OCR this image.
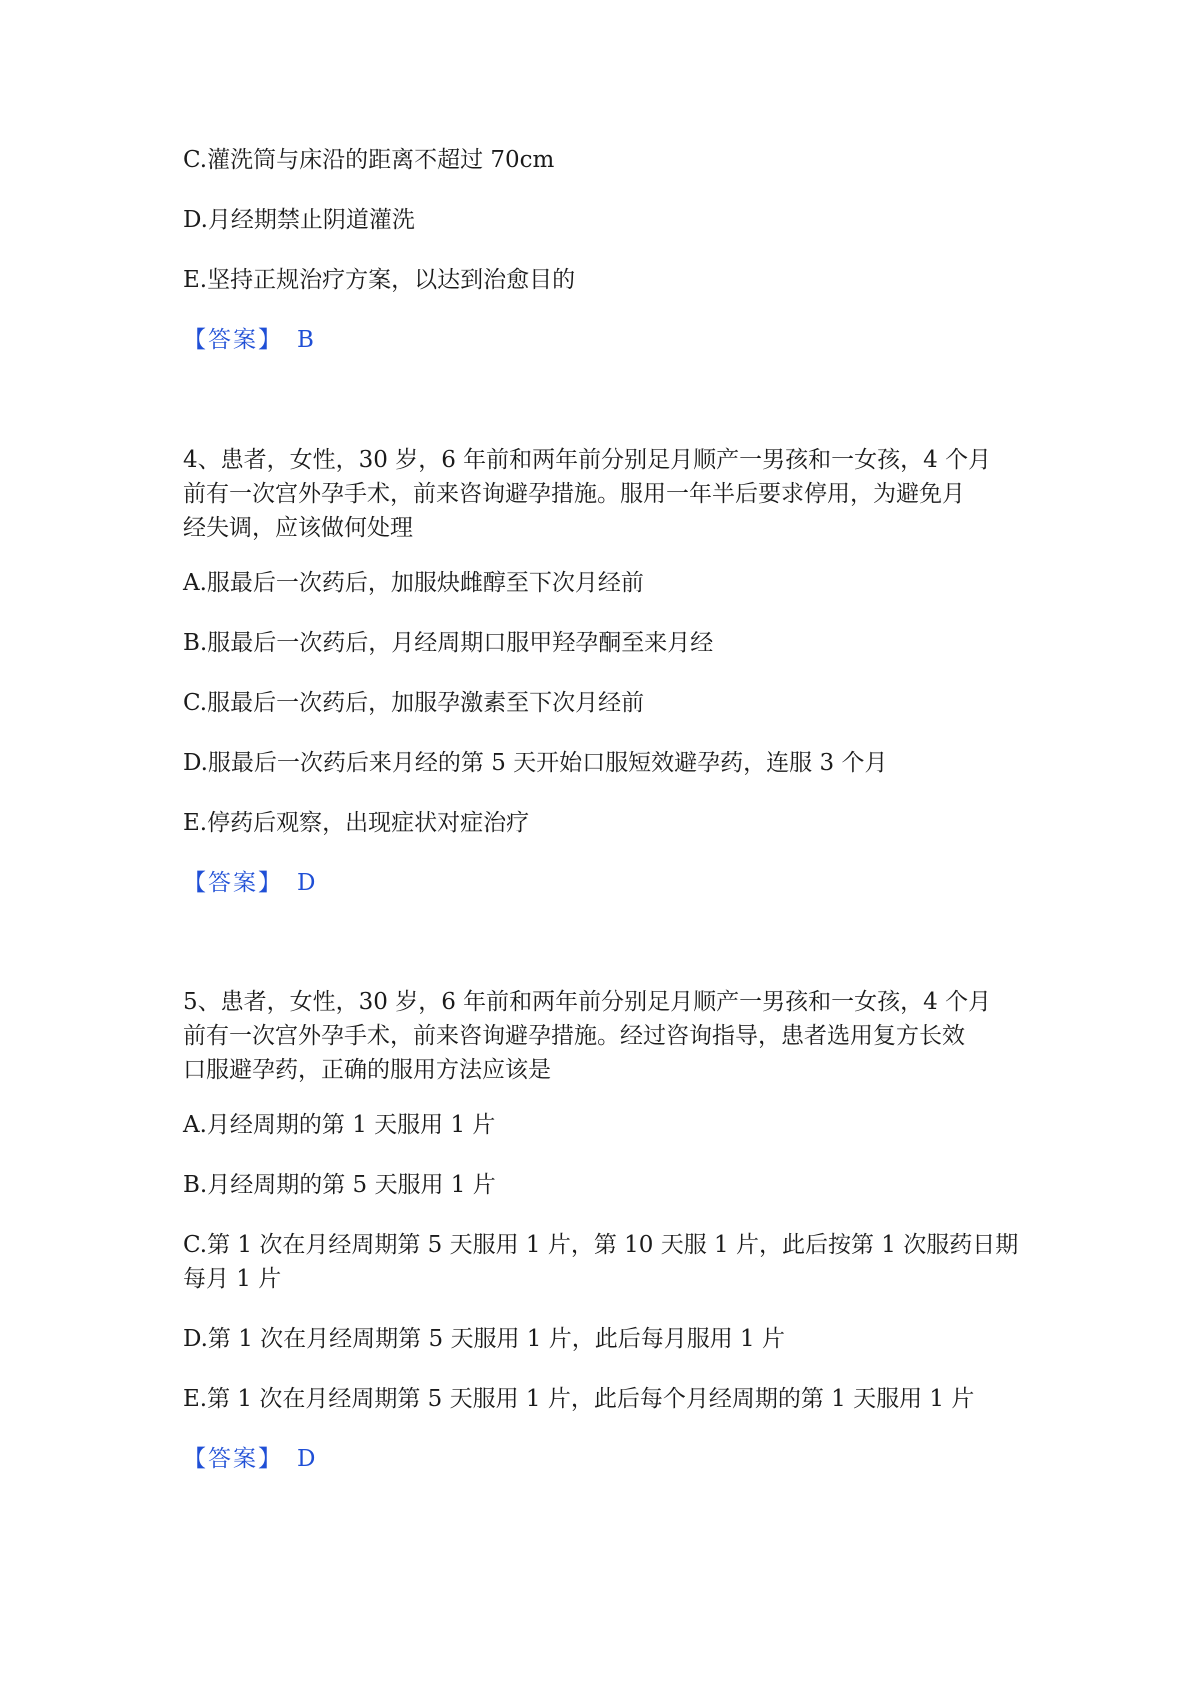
C.灌洗筒与床沿的距离不超过 70cm
D.月经期禁止阴道灌洗
E.坚持正规治疗方案，以达到治愈目的
【答案】 B
4、患者，女性，30 岁，6 年前和两年前分别足月顺产一男孩和一女孩，4 个月
前有一次宫外孕手术，前来咨询避孕措施。服用一年半后要求停用，为避免月
经失调，应该做何处理
A.服最后一次药后，加服炔雌醇至下次月经前
B.服最后一次药后，月经周期口服甲羟孕酮至来月经
C.服最后一次药后，加服孕激素至下次月经前
D.服最后一次药后来月经的第 5 天开始口服短效避孕药，连服 3 个月
E.停药后观察，出现症状对症治疗
【答案】 D
5、患者，女性，30 岁，6 年前和两年前分别足月顺产一男孩和一女孩，4 个月
前有一次宫外孕手术，前来咨询避孕措施。经过咨询指导，患者选用复方长效
口服避孕药，正确的服用方法应该是
A.月经周期的第 1 天服用 1 片
B.月经周期的第 5 天服用 1 片
C.第 1 次在月经周期第 5 天服用 1 片，第 10 天服 1 片，此后按第 1 次服药日期
每月 1 片
D.第 1 次在月经周期第 5 天服用 1 片，此后每月服用 1 片
E.第 1 次在月经周期第 5 天服用 1 片，此后每个月经周期的第 1 天服用 1 片
【答案】 D
